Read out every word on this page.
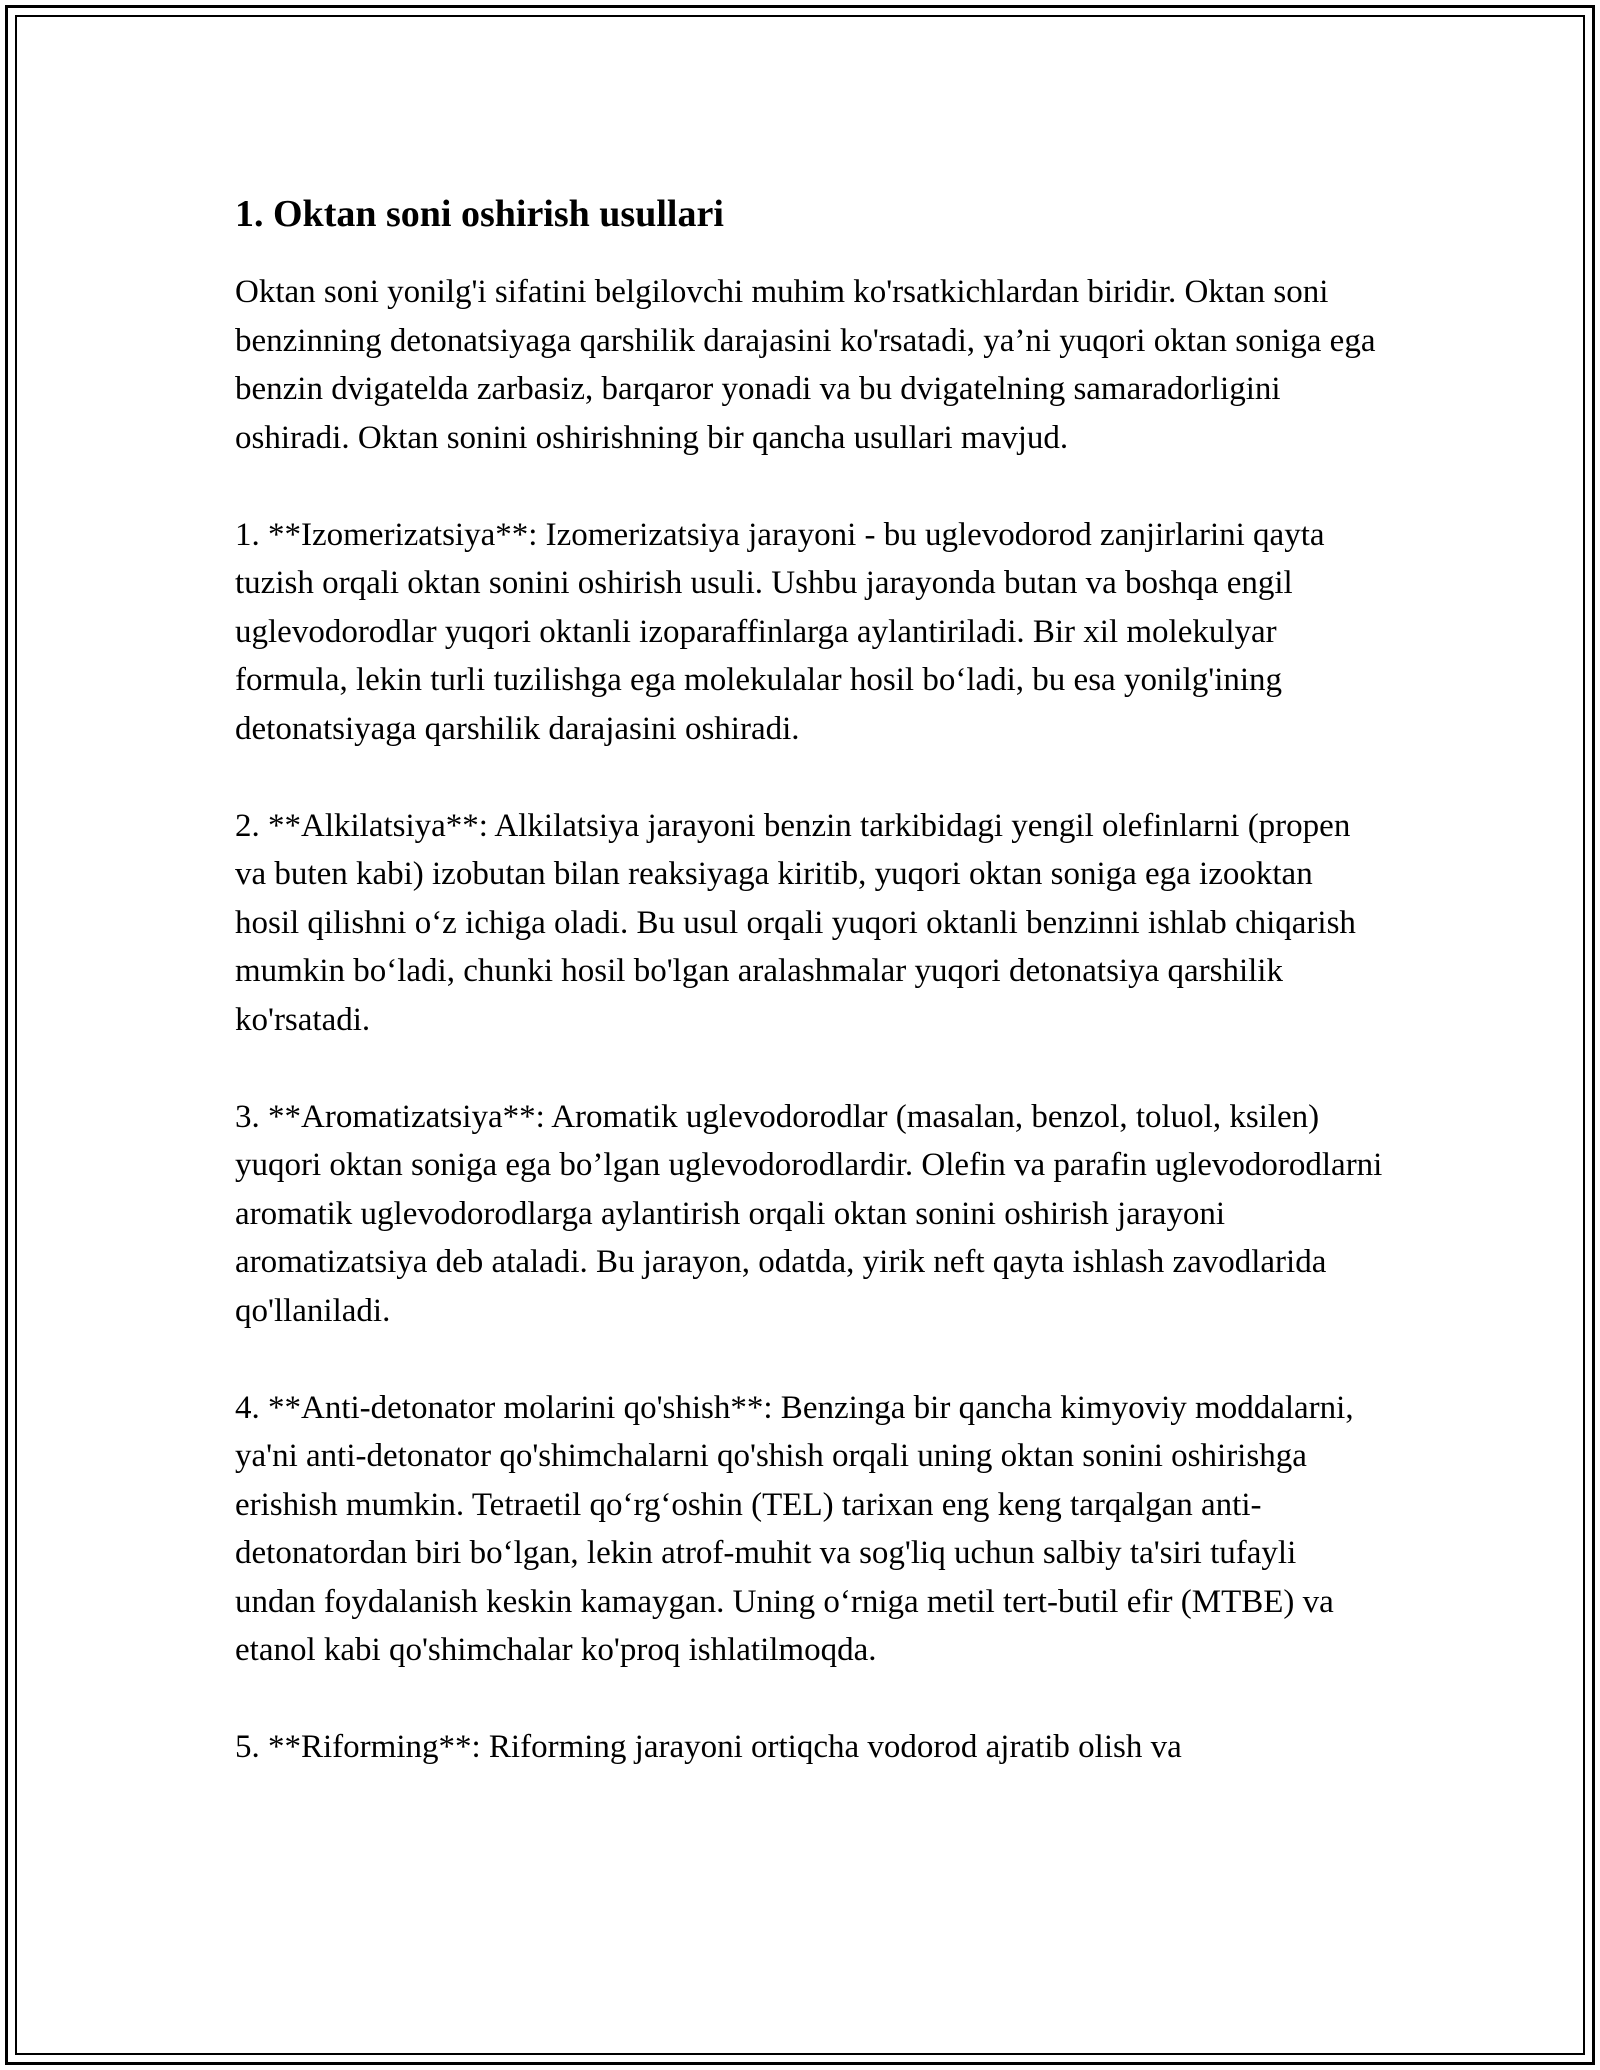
1. Oktan soni oshirish usullari

Oktan soni yonilg'i sifatini belgilovchi muhim ko'rsatkichlardan biridir. Oktan soni benzinning detonatsiyaga qarshilik darajasini ko'rsatadi, ya’ni yuqori oktan soniga ega benzin dvigatelda zarbasiz, barqaror yonadi va bu dvigatelning samaradorligini oshiradi. Oktan sonini oshirishning bir qancha usullari mavjud.

1. **Izomerizatsiya**: Izomerizatsiya jarayoni - bu uglevodorod zanjirlarini qayta tuzish orqali oktan sonini oshirish usuli. Ushbu jarayonda butan va boshqa engil uglevodorodlar yuqori oktanli izoparaffinlarga aylantiriladi. Bir xil molekulyar formula, lekin turli tuzilishga ega molekulalar hosil bo‘ladi, bu esa yonilg'ining detonatsiyaga qarshilik darajasini oshiradi.

2. **Alkilatsiya**: Alkilatsiya jarayoni benzin tarkibidagi yengil olefinlarni (propen va buten kabi) izobutan bilan reaksiyaga kiritib, yuqori oktan soniga ega izooktan hosil qilishni o‘z ichiga oladi. Bu usul orqali yuqori oktanli benzinni ishlab chiqarish mumkin bo‘ladi, chunki hosil bo'lgan aralashmalar yuqori detonatsiya qarshilik ko'rsatadi.

3. **Aromatizatsiya**: Aromatik uglevodorodlar (masalan, benzol, toluol, ksilen) yuqori oktan soniga ega bo’lgan uglevodorodlardir. Olefin va parafin uglevodorodlarni aromatik uglevodorodlarga aylantirish orqali oktan sonini oshirish jarayoni aromatizatsiya deb ataladi. Bu jarayon, odatda, yirik neft qayta ishlash zavodlarida qo'llaniladi.

4. **Anti-detonator molarini qo'shish**: Benzinga bir qancha kimyoviy moddalarni, ya'ni anti-detonator qo'shimchalarni qo'shish orqali uning oktan sonini oshirishga erishish mumkin. Tetraetil qo‘rg‘oshin (TEL) tarixan eng keng tarqalgan anti-detonatordan biri bo‘lgan, lekin atrof-muhit va sog'liq uchun salbiy ta'siri tufayli undan foydalanish keskin kamaygan. Uning o‘rniga metil tert-butil efir (MTBE) va etanol kabi qo'shimchalar ko'proq ishlatilmoqda.

5. **Riforming**: Riforming jarayoni ortiqcha vodorod ajratib olish va
